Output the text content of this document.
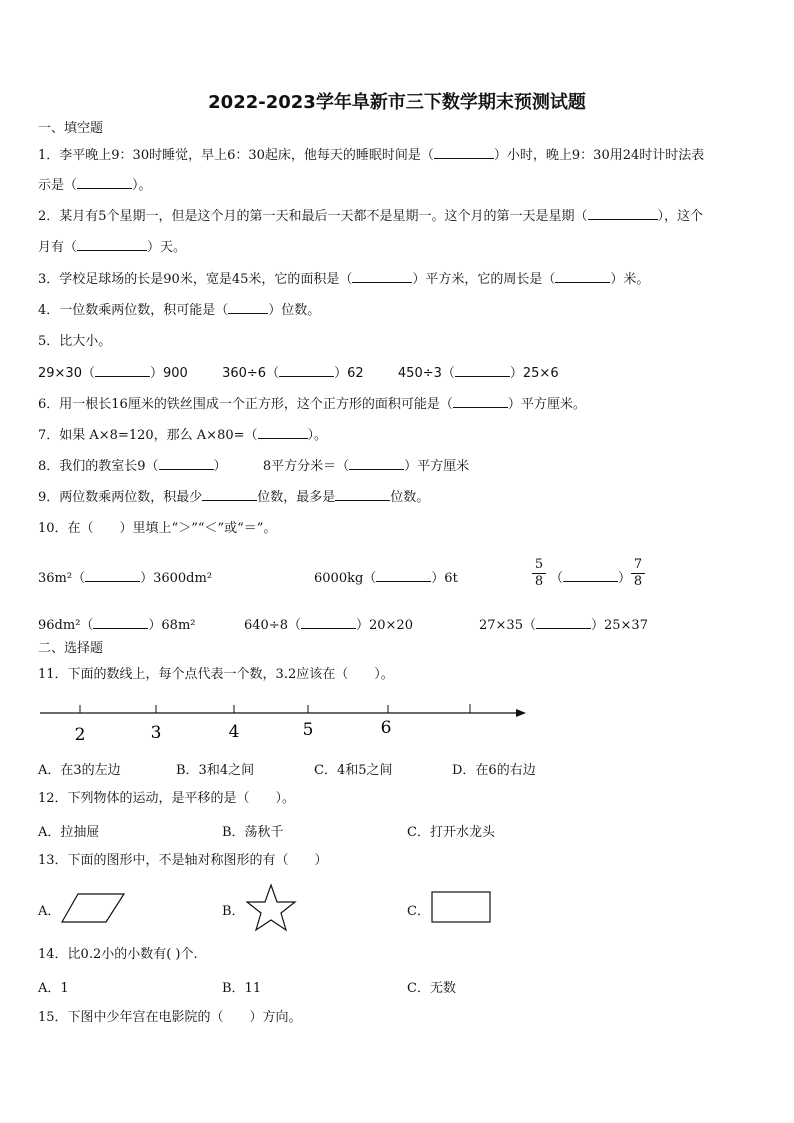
2022-2023学年阜新市三下数学期末预测试题
一、填空题
1．李平晚上9：30时睡觉，早上6：30起床，他每天的睡眠时间是（	）小时，晚上9：30用24时计时法表
示是（	）。
2．某月有5个星期一，但是这个月的第一天和最后一天都不是星期一。这个月的第一天是星期（	），这个
月有（	）天。
3．学校足球场的长是90米，宽是45米，它的面积是（	）平方米，它的周长是（	）米。
4．一位数乘两位数，积可能是（	）位数。
5．比大小。
29×30（	）900	360÷6（	）62	450÷3（	）25×6
6．用一根长16厘米的铁丝围成一个正方形，这个正方形的面积可能是（	）平方厘米。
7．如果 A×8=120，那么 A×80=（	）。
8．我们的教室长9（	）	8平方分米＝（	）平方厘米
9．两位数乘两位数，积最少	位数，最多是	位数。
10．在（　　）里填上“＞”“＜”或“＝”。
36m²（	）3600dm²	6000kg（	）6t	$\frac{5}{8}$ （	） $\frac{7}{8}$
96dm²（	）68m²	640÷8（	）20×20	27×35（	）25×37
二、选择题
11．下面的数线上，每个点代表一个数，3.2应该在（　　）。
2	3	4	5	6
A．在3的左边	B．3和4之间	C．4和5之间	D．在6的右边
12．下列物体的运动，是平移的是（　　）。
A．拉抽屉	B．荡秋千	C．打开水龙头
13．下面的图形中，不是轴对称图形的有（　　）
A．	B．	C．
14．比0.2小的小数有( )个.
A．1	B．11	C．无数
15．下图中少年宫在电影院的（　　）方向。
